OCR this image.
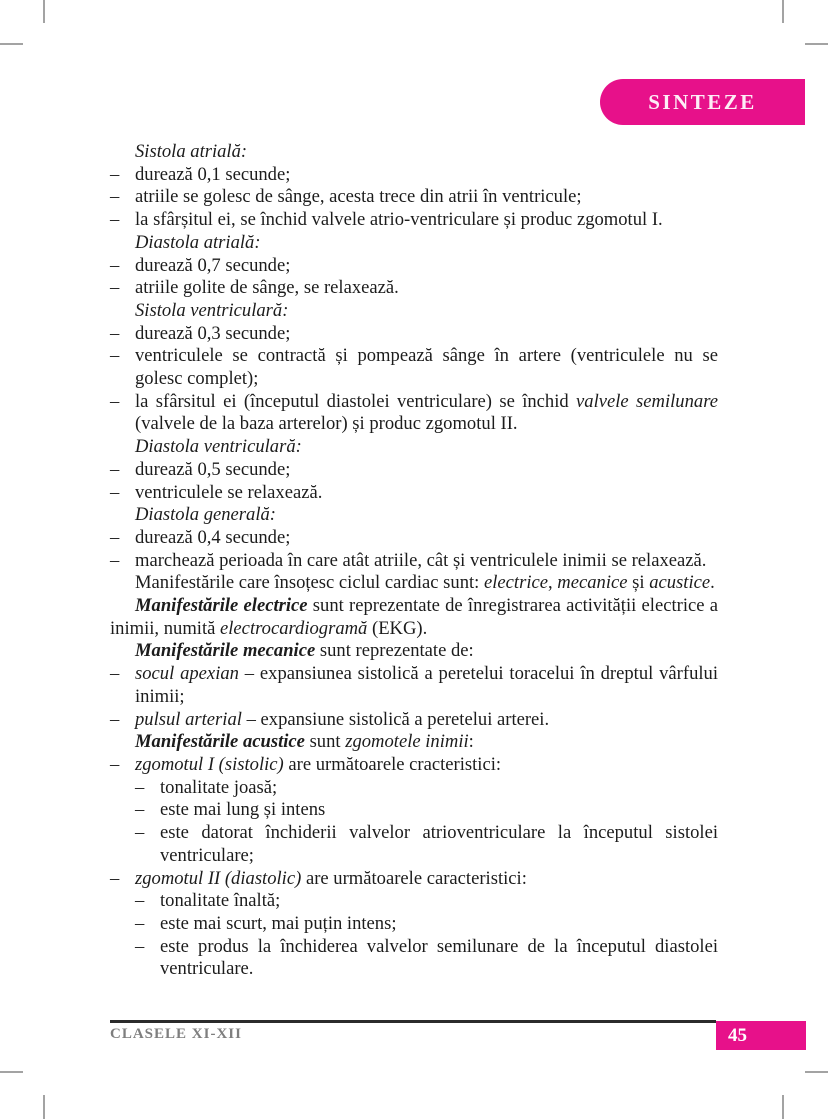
SINTEZE
Sistola atrială:
– durează 0,1 secunde;
– atriile se golesc de sânge, acesta trece din atrii în ventricule;
– la sfârșitul ei, se închid valvele atrio-ventriculare și produc zgomotul I.
Diastola atrială:
– durează 0,7 secunde;
– atriile golite de sânge, se relaxează.
Sistola ventriculară:
– durează 0,3 secunde;
– ventriculele se contractă și pompează sânge în artere (ventriculele nu se golesc complet);
– la sfârsitul ei (începutul diastolei ventriculare) se închid valvele semilunare (valvele de la baza arterelor) și produc zgomotul II.
Diastola ventriculară:
– durează 0,5 secunde;
– ventriculele se relaxează.
Diastola generală:
– durează 0,4 secunde;
– marchează perioada în care atât atriile, cât și ventriculele inimii se relaxează.
Manifestările care însoțesc ciclul cardiac sunt: electrice, mecanice și acustice.
Manifestările electrice sunt reprezentate de înregistrarea activității electrice a inimii, numită electrocardiogramă (EKG).
Manifestările mecanice sunt reprezentate de:
– socul apexian – expansiunea sistolică a peretelui toracelui în dreptul vârfului inimii;
– pulsul arterial – expansiune sistolică a peretelui arterei.
Manifestările acustice sunt zgomotele inimii:
– zgomotul I (sistolic) are următoarele cracteristici:
– tonalitate joasă;
– este mai lung și intens
– este datorat închiderii valvelor atrioventriculare la începutul sistolei ventriculare;
– zgomotul II (diastolic) are următoarele caracteristici:
– tonalitate înaltă;
– este mai scurt, mai puțin intens;
– este produs la închiderea valvelor semilunare de la începutul diastolei ventriculare.
CLASELE XI-XII	45
